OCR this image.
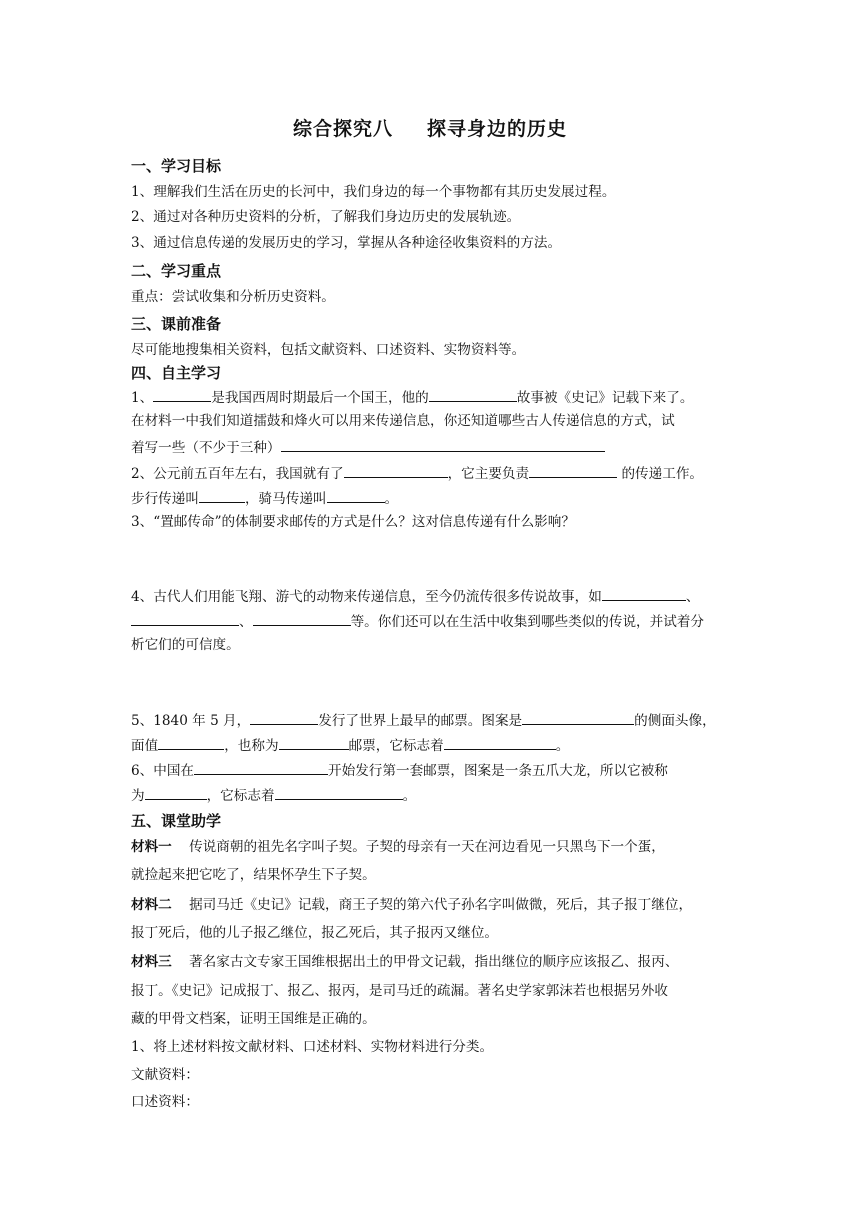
综合探究八 探寻身边的历史
一、学习目标
1、理解我们生活在历史的长河中，我们身边的每一个事物都有其历史发展过程。
2、通过对各种历史资料的分析，了解我们身边历史的发展轨迹。
3、通过信息传递的发展历史的学习，掌握从各种途径收集资料的方法。
二、学习重点
重点：尝试收集和分析历史资料。
三、课前准备
尽可能地搜集相关资料，包括文献资料、口述资料、实物资料等。
四、自主学习
1、	是我国西周时期最后一个国王，他的	故事被《史记》记载下来了。
在材料一中我们知道擂鼓和烽火可以用来传递信息，你还知道哪些古人传递信息的方式，试
着写一些（不少于三种）
2、公元前五百年左右，我国就有了	，它主要负责	的传递工作。
步行传递叫	，骑马传递叫	。
3、“置邮传命”的体制要求邮传的方式是什么？这对信息传递有什么影响？
4、古代人们用能飞翔、游弋的动物来传递信息，至今仍流传很多传说故事，如	、
、	等。你们还可以在生活中收集到哪些类似的传说，并试着分
析它们的可信度。
5、1840 年 5 月，	发行了世界上最早的邮票。图案是	的侧面头像，
面值	，也称为	邮票，它标志着	。
6、中国在	开始发行第一套邮票，图案是一条五爪大龙，所以它被称
为	，它标志着	。
五、课堂助学
材料一 传说商朝的祖先名字叫子契。子契的母亲有一天在河边看见一只黑鸟下一个蛋，
就捡起来把它吃了，结果怀孕生下子契。
材料二 据司马迁《史记》记载，商王子契的第六代子孙名字叫做微，死后，其子报丁继位，
报丁死后，他的儿子报乙继位，报乙死后，其子报丙又继位。
材料三 著名家古文专家王国维根据出土的甲骨文记载，指出继位的顺序应该报乙、报丙、
报丁。《史记》记成报丁、报乙、报丙，是司马迁的疏漏。著名史学家郭沫若也根据另外收
藏的甲骨文档案，证明王国维是正确的。
1、将上述材料按文献材料、口述材料、实物材料进行分类。
文献资料：
口述资料：
